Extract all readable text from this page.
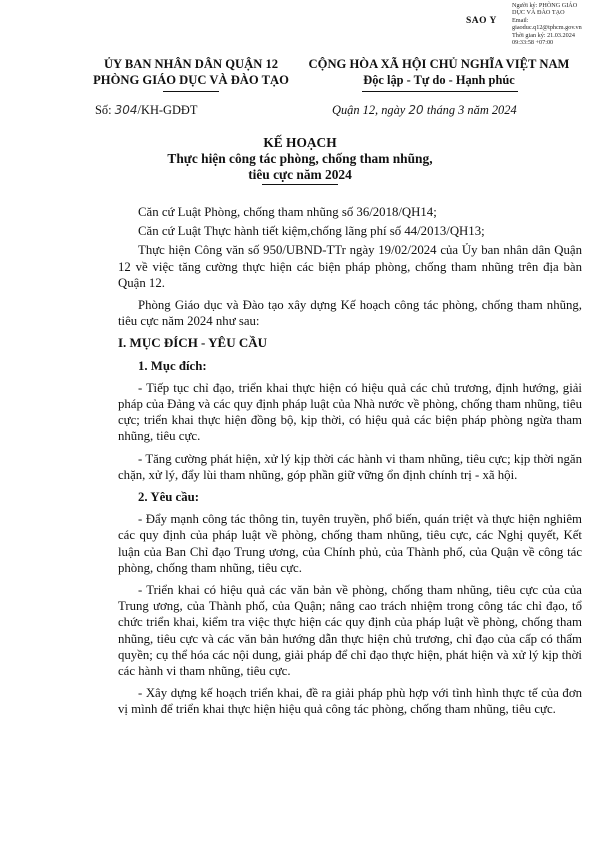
Người ký: PHÒNG GIÁO
DỤC VÀ ĐÀO TẠO
Email:
giaoduc.q12@tphcm.gov.vn
Thời gian ký: 21.03.2024
09:33:58 +07:00
SAO Y
ỦY BAN NHÂN DÂN QUẬN 12
PHÒNG GIÁO DỤC VÀ ĐÀO TẠO
CỘNG HÒA XÃ HỘI CHỦ NGHĨA VIỆT NAM
Độc lập - Tự do - Hạnh phúc
Số: 304/KH-GDĐT	Quận 12, ngày 20 tháng 3 năm 2024
KẾ HOẠCH
Thực hiện công tác phòng, chống tham nhũng,
tiêu cực năm 2024

Căn cứ Luật Phòng, chống tham nhũng số 36/2018/QH14;

Căn cứ Luật Thực hành tiết kiệm,chống lãng phí số 44/2013/QH13;

Thực hiện Công văn số 950/UBND-TTr ngày 19/02/2024 của Ủy ban nhân dân Quận 12 về việc tăng cường thực hiện các biện pháp phòng, chống tham nhũng trên địa bàn Quận 12.

Phòng Giáo dục và Đào tạo xây dựng Kế hoạch công tác phòng, chống tham nhũng, tiêu cực năm 2024 như sau:

I. MỤC ĐÍCH - YÊU CẦU
1. Mục đích:

- Tiếp tục chỉ đạo, triển khai thực hiện có hiệu quả các chủ trương, định hướng, giải pháp của Đảng và các quy định pháp luật của Nhà nước về phòng, chống tham nhũng, tiêu cực; triển khai thực hiện đồng bộ, kịp thời, có hiệu quả các biện pháp phòng ngừa tham nhũng, tiêu cực.

- Tăng cường phát hiện, xử lý kịp thời các hành vi tham nhũng, tiêu cực; kịp thời ngăn chặn, xử lý, đẩy lùi tham nhũng, góp phần giữ vững ổn định chính trị - xã hội.

2. Yêu cầu:

- Đẩy mạnh công tác thông tin, tuyên truyền, phổ biến, quán triệt và thực hiện nghiêm các quy định của pháp luật về phòng, chống tham nhũng, tiêu cực, các Nghị quyết, Kết luận của Ban Chỉ đạo Trung ương, của Chính phủ, của Thành phố, của Quận về công tác phòng, chống tham nhũng, tiêu cực.

- Triển khai có hiệu quả các văn bản về phòng, chống tham nhũng, tiêu cực của của Trung ương, của Thành phố, của Quận; nâng cao trách nhiệm trong công tác chỉ đạo, tổ chức triển khai, kiểm tra việc thực hiện các quy định của pháp luật về phòng, chống tham nhũng, tiêu cực và các văn bản hướng dẫn thực hiện chủ trương, chỉ đạo của cấp có thẩm quyền; cụ thể hóa các nội dung, giải pháp để chỉ đạo thực hiện, phát hiện và xử lý kịp thời các hành vi tham nhũng, tiêu cực.

- Xây dựng kế hoạch triển khai, đề ra giải pháp phù hợp với tình hình thực tế của đơn vị mình để triển khai thực hiện hiệu quả công tác phòng, chống tham nhũng, tiêu cực.
